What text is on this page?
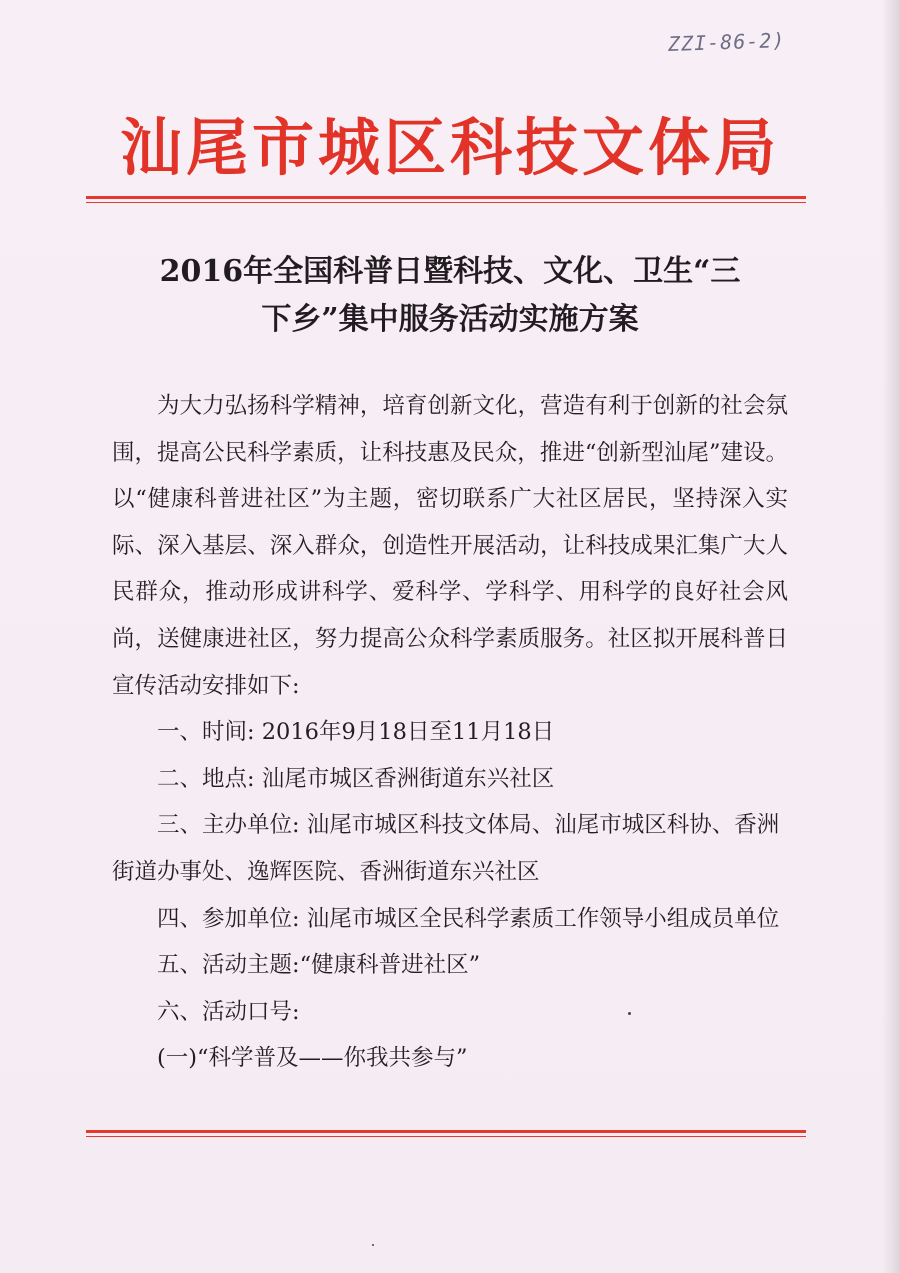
ZZI-86-2)
汕尾市城区科技文体局
2016年全国科普日暨科技、文化、卫生“三
下乡”集中服务活动实施方案

为大力弘扬科学精神，培育创新文化，营造有利于创新的社会氛围，提高公民科学素质，让科技惠及民众，推进“创新型汕尾”建设。以“健康科普进社区”为主题，密切联系广大社区居民，坚持深入实际、深入基层、深入群众，创造性开展活动，让科技成果汇集广大人民群众，推动形成讲科学、爱科学、学科学、用科学的良好社会风尚，送健康进社区，努力提高公众科学素质服务。社区拟开展科普日宣传活动安排如下:

一、时间: 2016年9月18日至11月18日

二、地点: 汕尾市城区香洲街道东兴社区

三、主办单位: 汕尾市城区科技文体局、汕尾市城区科协、香洲街道办事处、逸辉医院、香洲街道东兴社区

四、参加单位: 汕尾市城区全民科学素质工作领导小组成员单位

五、活动主题:“健康科普进社区”

六、活动口号:

(一)“科学普及——你我共参与”
